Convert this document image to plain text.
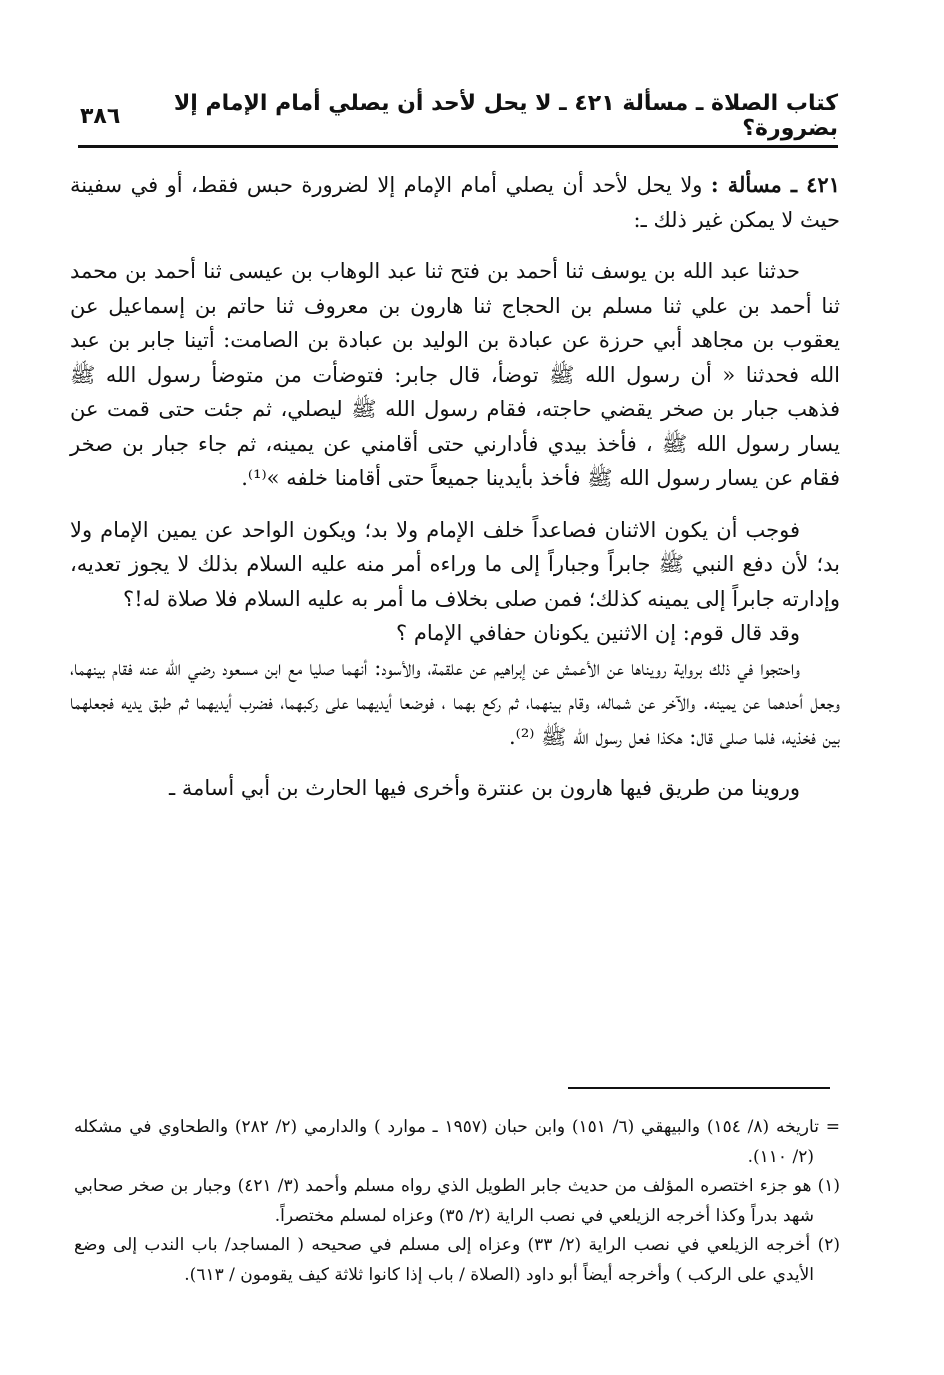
٣٨٦	كتاب الصلاة ـ مسألة ٤٢١ ـ لا يحل لأحد أن يصلي أمام الإمام إلا بضرورة؟

٤٢١ ـ مسألة : ولا يحل لأحد أن يصلي أمام الإمام إلا لضرورة حبس فقط، أو في سفينة حيث لا يمكن غير ذلك ـ:

حدثنا عبد الله بن يوسف ثنا أحمد بن فتح ثنا عبد الوهاب بن عيسى ثنا أحمد بن محمد ثنا أحمد بن علي ثنا مسلم بن الحجاج ثنا هارون بن معروف ثنا حاتم بن إسماعيل عن يعقوب بن مجاهد أبي حرزة عن عبادة بن الوليد بن عبادة بن الصامت: أتينا جابر بن عبد الله فحدثنا « أن رسول الله ﷺ توضأ، قال جابر: فتوضأت من متوضأ رسول الله ﷺ فذهب جبار بن صخر يقضي حاجته، فقام رسول الله ﷺ ليصلي، ثم جئت حتى قمت عن يسار رسول الله ﷺ ، فأخذ بيدي فأدارني حتى أقامني عن يمينه، ثم جاء جبار بن صخر فقام عن يسار رسول الله ﷺ فأخذ بأيدينا جميعاً حتى أقامنا خلفه »⁽¹⁾.

فوجب أن يكون الاثنان فصاعداً خلف الإمام ولا بد؛ ويكون الواحد عن يمين الإمام ولا بد؛ لأن دفع النبي ﷺ جابراً وجباراً إلى ما وراءه أمر منه عليه السلام بذلك لا يجوز تعديه، وإدارته جابراً إلى يمينه كذلك؛ فمن صلى بخلاف ما أمر به عليه السلام فلا صلاة له!؟

وقد قال قوم: إن الاثنين يكونان حفافي الإمام ؟

واحتجوا في ذلك برواية رويناها عن الأعمش عن إبراهيم عن علقمة، والأسود: أنهما صليا مع ابن مسعود رضي الله عنه فقام بينهما، وجعل أحدهما عن يمينه. والآخر عن شماله، وقام بينهما، ثم ركع بهما ، فوضعا أيديهما على ركبهما، فضرب أيديهما ثم طبق يديه فجعلهما بين فخذيه، فلما صلى قال: هكذا فعل رسول الله ﷺ ⁽²⁾.

وروينا من طريق فيها هارون بن عنترة وأخرى فيها الحارث بن أبي أسامة ـ

= تاريخه (٨/ ١٥٤) والبيهقي (٦/ ١٥١) وابن حبان (١٩٥٧ ـ موارد ) والدارمي (٢/ ٢٨٢) والطحاوي في مشكله (٢/ ١١٠).

(١) هو جزء اختصره المؤلف من حديث جابر الطويل الذي رواه مسلم وأحمد (٣/ ٤٢١) وجبار بن صخر صحابي شهد بدراً وكذا أخرجه الزيلعي في نصب الراية (٢/ ٣٥) وعزاه لمسلم مختصراً.

(٢) أخرجه الزيلعي في نصب الراية (٢/ ٣٣) وعزاه إلى مسلم في صحيحه ( المساجد/ باب الندب إلى وضع الأيدي على الركب ) وأخرجه أيضاً أبو داود (الصلاة / باب إذا كانوا ثلاثة كيف يقومون / ٦١٣).
